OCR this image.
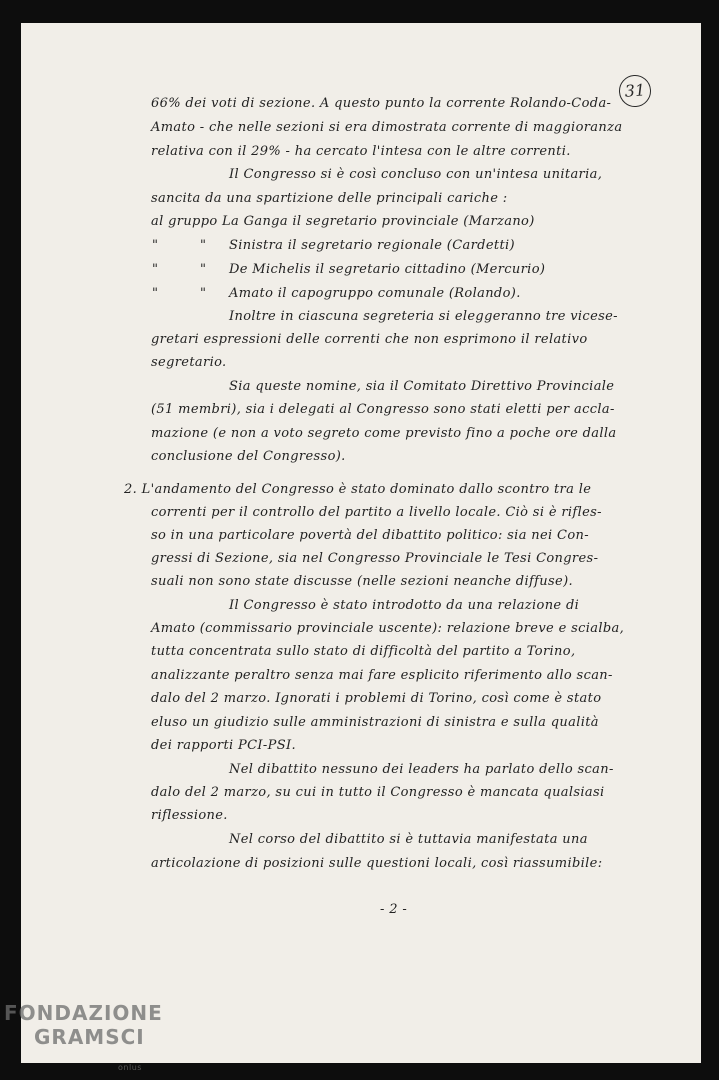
31
66% dei voti di sezione. A questo punto la corrente Rolando-Coda-
Amato - che nelle sezioni si era dimostrata corrente di maggioranza
relativa con il 29% - ha cercato l'intesa con le altre correnti.
Il Congresso si è così concluso con un'intesa unitaria,
sancita da una spartizione delle principali cariche :
al gruppo La Ganga il segretario provinciale (Marzano)
"	" Sinistra il segretario regionale (Cardetti)
"	" De Michelis il segretario cittadino (Mercurio)
"	" Amato il capogruppo comunale (Rolando).
Inoltre in ciascuna segreteria si eleggeranno tre vicese-
gretari espressioni delle correnti che non esprimono il relativo
segretario.
Sia queste nomine, sia il Comitato Direttivo Provinciale
(51 membri), sia i delegati al Congresso sono stati eletti per accla-
mazione (e non a voto segreto come previsto fino a poche ore dalla
conclusione del Congresso).
2. L'andamento del Congresso è stato dominato dallo scontro tra le
correnti per il controllo del partito a livello locale. Ciò si è rifles-
so in una particolare povertà del dibattito politico: sia nei Con-
gressi di Sezione, sia nel Congresso Provinciale le Tesi Congres-
suali non sono state discusse (nelle sezioni neanche diffuse).
Il Congresso è stato introdotto da una relazione di
Amato (commissario provinciale uscente): relazione breve e scialba,
tutta concentrata sullo stato di difficoltà del partito a Torino,
analizzante peraltro senza mai fare esplicito riferimento allo scan-
dalo del 2 marzo. Ignorati i problemi di Torino, così come è stato
eluso un giudizio sulle amministrazioni di sinistra e sulla qualità
dei rapporti PCI-PSI.
Nel dibattito nessuno dei leaders ha parlato dello scan-
dalo del 2 marzo, su cui in tutto il Congresso è mancata qualsiasi
riflessione.
Nel corso del dibattito si è tuttavia manifestata una
articolazione di posizioni sulle questioni locali, così riassumibile:
- 2 -
FONDAZIONE
GRAMSCI
onlus
